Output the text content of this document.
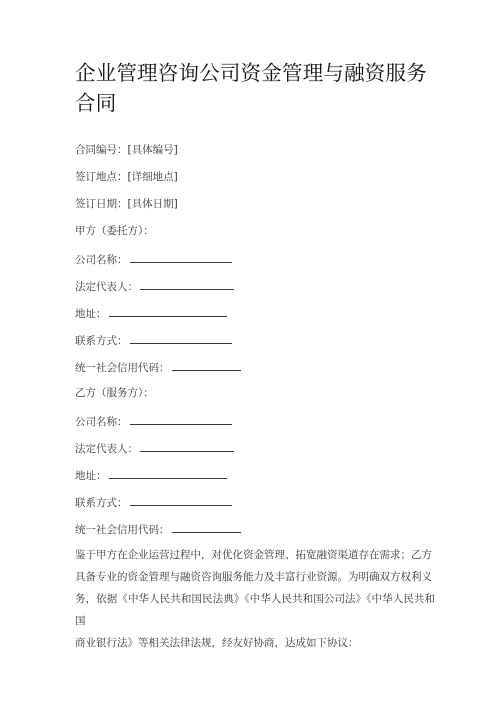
企业管理咨询公司资金管理与融资服务合同
合同编号：[具体编号]
签订地点：[详细地点]
签订日期：[具体日期]
甲方（委托方）：
公司名称：
法定代表人：
地址：
联系方式：
统一社会信用代码：
乙方（服务方）：
公司名称：
法定代表人：
地址：
联系方式：
统一社会信用代码：
鉴于甲方在企业运营过程中，对优化资金管理、拓宽融资渠道存在需求；乙方
具备专业的资金管理与融资咨询服务能力及丰富行业资源。为明确双方权利义
务，依据《中华人民共和国民法典》《中华人民共和国公司法》《中华人民共和国
商业银行法》等相关法律法规，经友好协商，达成如下协议：
